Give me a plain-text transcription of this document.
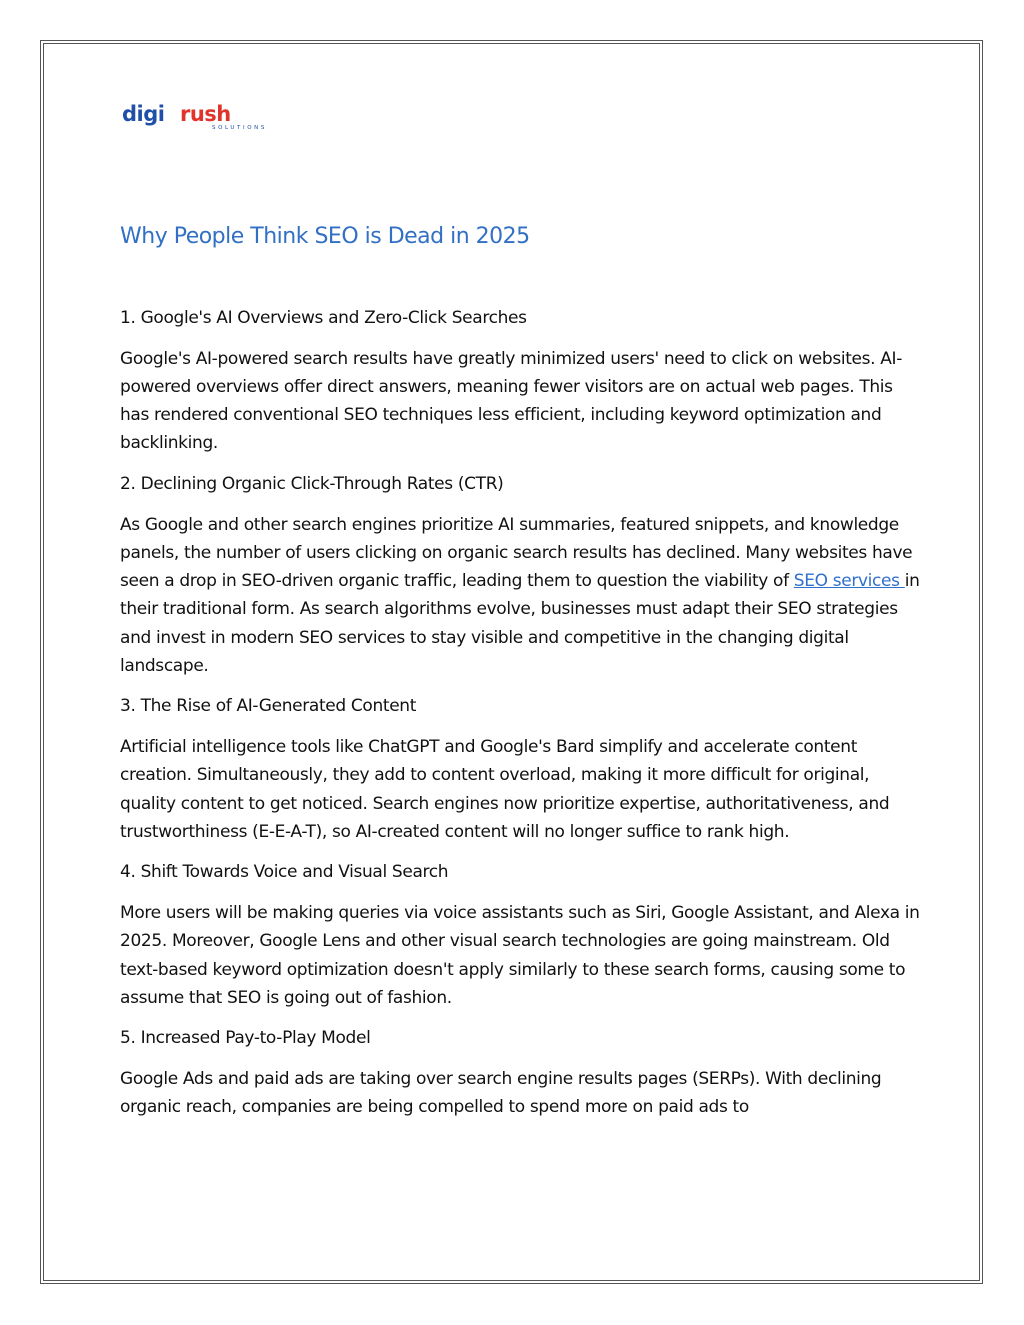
digi rush
SOLUTIONS
Why People Think SEO is Dead in 2025

1. Google's AI Overviews and Zero-Click Searches

Google's AI-powered search results have greatly minimized users' need to click on websites. AI-powered overviews offer direct answers, meaning fewer visitors are on actual web pages. This has rendered conventional SEO techniques less efficient, including keyword optimization and backlinking.

2. Declining Organic Click-Through Rates (CTR)

As Google and other search engines prioritize AI summaries, featured snippets, and knowledge panels, the number of users clicking on organic search results has declined. Many websites have seen a drop in SEO-driven organic traffic, leading them to question the viability of SEO services in their traditional form. As search algorithms evolve, businesses must adapt their SEO strategies and invest in modern SEO services to stay visible and competitive in the changing digital landscape.

3. The Rise of AI-Generated Content

Artificial intelligence tools like ChatGPT and Google's Bard simplify and accelerate content creation. Simultaneously, they add to content overload, making it more difficult for original, quality content to get noticed. Search engines now prioritize expertise, authoritativeness, and trustworthiness (E-E-A-T), so AI-created content will no longer suffice to rank high.

4. Shift Towards Voice and Visual Search

More users will be making queries via voice assistants such as Siri, Google Assistant, and Alexa in 2025. Moreover, Google Lens and other visual search technologies are going mainstream. Old text-based keyword optimization doesn't apply similarly to these search forms, causing some to assume that SEO is going out of fashion.

5. Increased Pay-to-Play Model

Google Ads and paid ads are taking over search engine results pages (SERPs). With declining organic reach, companies are being compelled to spend more on paid ads to
